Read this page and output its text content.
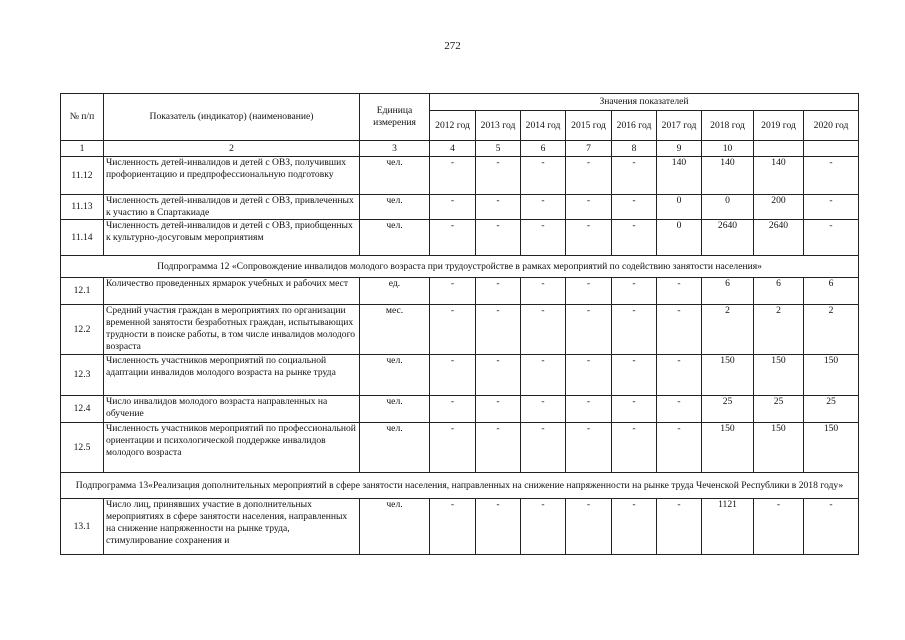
272
№ п/п	Показатель (индикатор) (наименование)	Единица измерения	Значения показателей								
			2012 год	2013 год	2014 год	2015 год	2016 год	2017 год	2018 год	2019 год	2020 год
1	2	3	4	5	6	7	8	9	10		
11.12	Численность детей-инвалидов и детей с ОВЗ, получивших профориентацию и предпрофессиональную подготовку	чел.	-	-	-	-	-	140	140	140	-
11.13	Численность детей-инвалидов и детей с ОВЗ, привлеченных к участию в Спартакиаде	чел.	-	-	-	-	-	0	0	200	-
11.14	Численность детей-инвалидов и детей с ОВЗ, приобщенных к культурно-досуговым мероприятиям	чел.	-	-	-	-	-	0	2640	2640	-
Подпрограмма 12 «Сопровождение инвалидов молодого возраста при трудоустройстве в рамках мероприятий по содействию занятости населения»											
12.1	Количество проведенных ярмарок учебных и рабочих мест	ед.	-	-	-	-	-	-	6	6	6
12.2	Средний участия граждан в мероприятиях по организации временной занятости безработных граждан, испытывающих трудности в поиске работы, в том числе инвалидов молодого возраста	мес.	-	-	-	-	-	-	2	2	2
12.3	Численность участников мероприятий по социальной адаптации инвалидов молодого возраста на рынке труда	чел.	-	-	-	-	-	-	150	150	150
12.4	Число инвалидов молодого возраста направленных на обучение	чел.	-	-	-	-	-	-	25	25	25
12.5	Численность участников мероприятий по профессиональной ориентации и психологической поддержке инвалидов молодого возраста	чел.	-	-	-	-	-	-	150	150	150
Подпрограмма 13«Реализация дополнительных мероприятий в сфере занятости населения, направленных на снижение напряженности на рынке труда Чеченской Республики в 2018 году»											
13.1	Число лиц, принявших участие в дополнительных мероприятиях в сфере занятости населения, направленных на снижение напряженности на рынке труда, стимулирование сохранения и	чел.	-	-	-	-	-	-	1121	-	-
